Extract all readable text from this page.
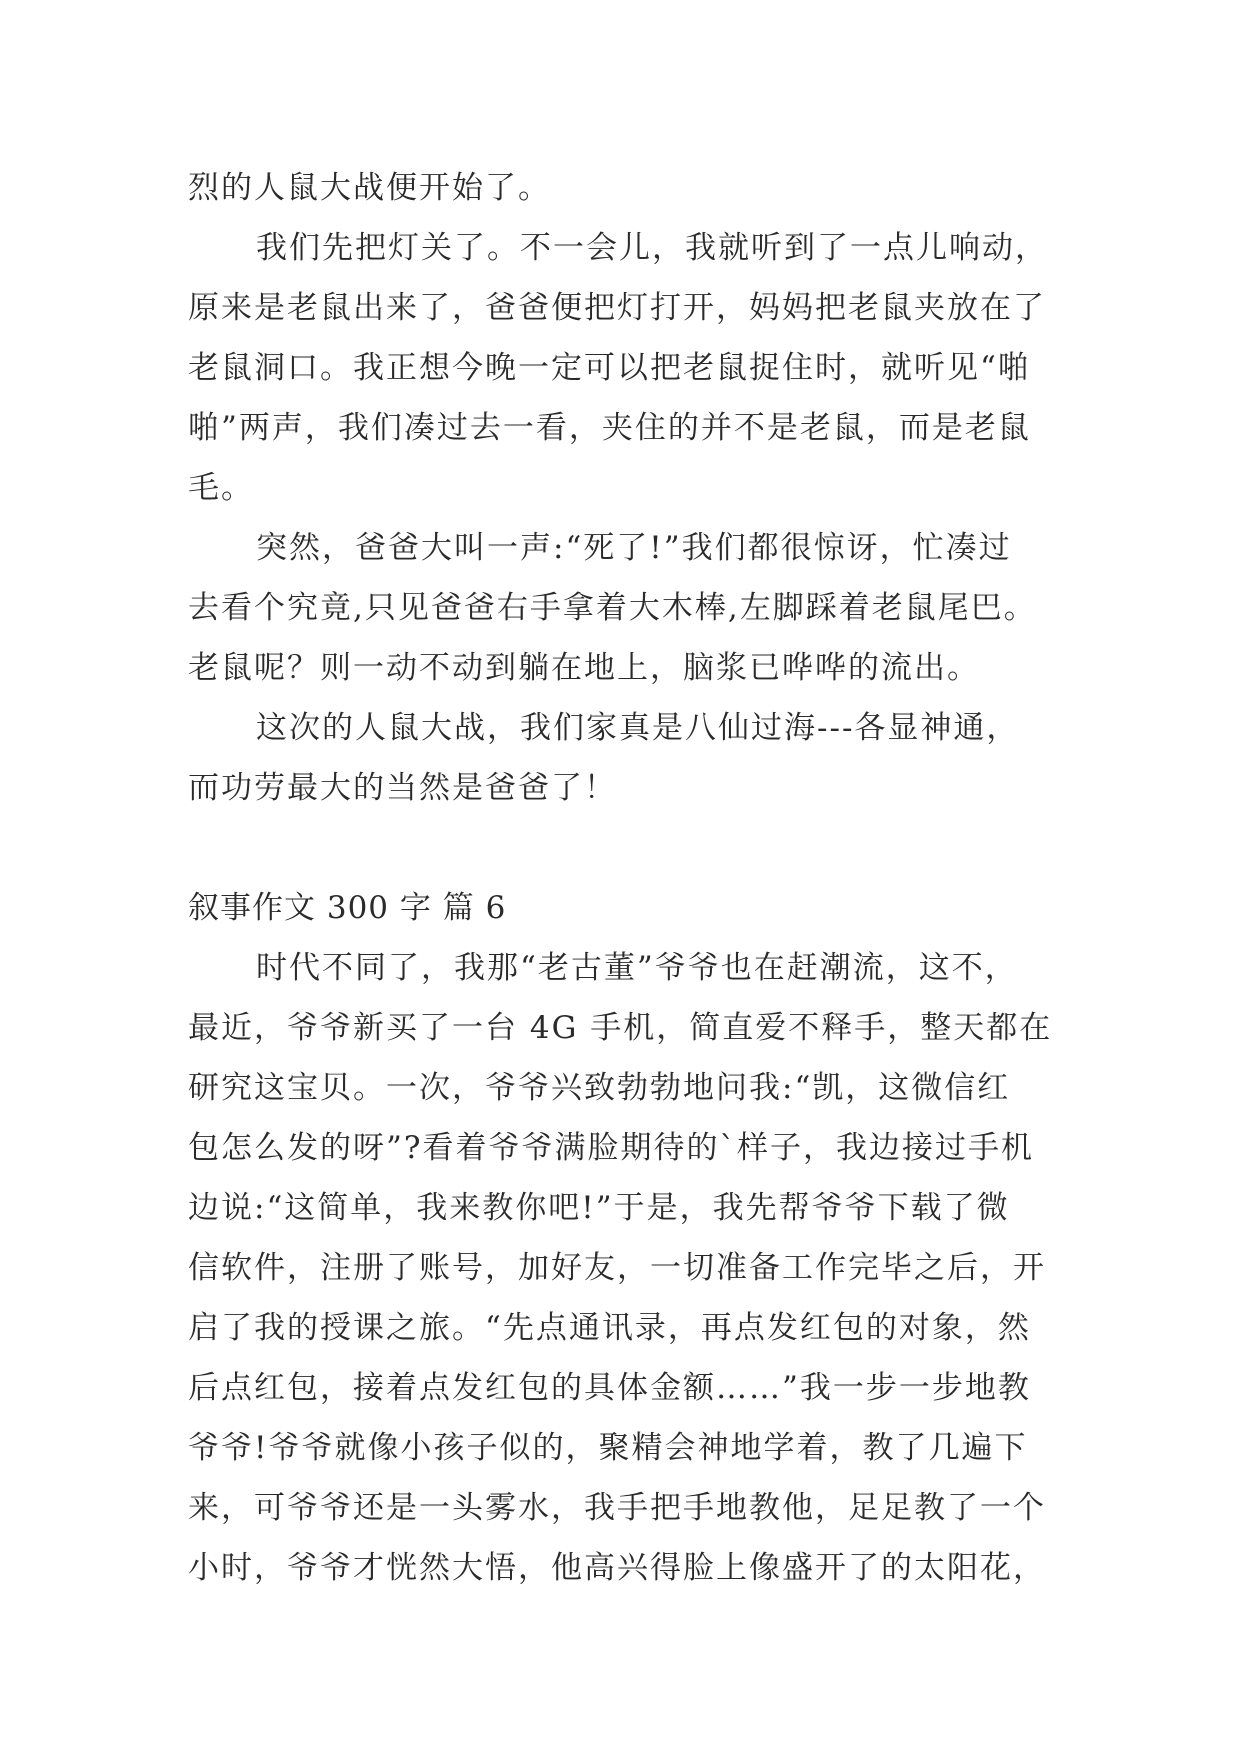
烈的人鼠大战便开始了。
我们先把灯关了。不一会儿，我就听到了一点儿响动，
原来是老鼠出来了，爸爸便把灯打开，妈妈把老鼠夹放在了
老鼠洞口。我正想今晚一定可以把老鼠捉住时，就听见“啪
啪”两声，我们凑过去一看，夹住的并不是老鼠，而是老鼠
毛。
突然，爸爸大叫一声:“死了!”我们都很惊讶，忙凑过
去看个究竟,只见爸爸右手拿着大木棒,左脚踩着老鼠尾巴。
老鼠呢？则一动不动到躺在地上，脑浆已哗哗的流出。
这次的人鼠大战，我们家真是八仙过海---各显神通，
而功劳最大的当然是爸爸了！
叙事作文 300 字 篇 6
时代不同了，我那“老古董”爷爷也在赶潮流，这不，
最近，爷爷新买了一台 4G 手机，简直爱不释手，整天都在
研究这宝贝。一次，爷爷兴致勃勃地问我:“凯，这微信红
包怎么发的呀”?看着爷爷满脸期待的`样子，我边接过手机
边说:“这简单，我来教你吧!”于是，我先帮爷爷下载了微
信软件，注册了账号，加好友，一切准备工作完毕之后，开
启了我的授课之旅。“先点通讯录，再点发红包的对象，然
后点红包，接着点发红包的具体金额……”我一步一步地教
爷爷!爷爷就像小孩子似的，聚精会神地学着，教了几遍下
来，可爷爷还是一头雾水，我手把手地教他，足足教了一个
小时，爷爷才恍然大悟，他高兴得脸上像盛开了的太阳花，
